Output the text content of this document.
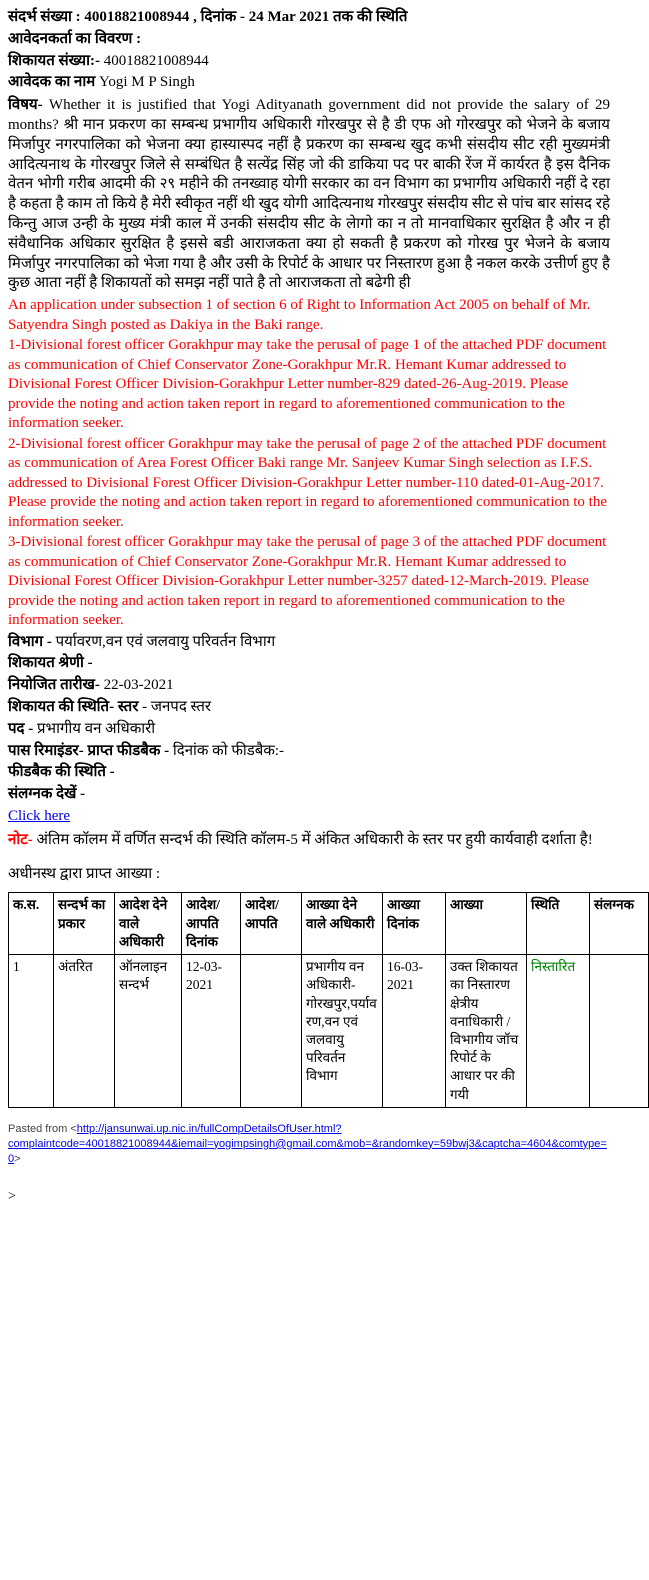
संदर्भ संख्या : 40018821008944 , दिनांक - 24 Mar 2021 तक की स्थिति
आवेदनकर्ता का विवरण :
शिकायत संख्या:- 40018821008944
आवेदक का नाम Yogi M P Singh
विषय- Whether it is justified that Yogi Adityanath government did not provide the salary of 29 months? श्री मान प्रकरण का सम्बन्ध प्रभागीय अधिकारी गोरखपुर से है डी एफ ओ गोरखपुर को भेजने के बजाय मिर्जापुर नगरपालिका को भेजना क्या हास्यास्पद नहीं है प्रकरण का सम्बन्ध खुद कभी संसदीय सीट रही मुख्यमंत्री आदित्यनाथ के गोरखपुर जिले से सम्बंधित है सत्येंद्र सिंह जो की डाकिया पद पर बाकी रेंज में कार्यरत है इस दैनिक वेतन भोगी गरीब आदमी की २९ महीने की तनख्वाह योगी सरकार का वन विभाग का प्रभागीय अधिकारी नहीं दे रहा है कहता है काम तो किये है मेरी स्वीकृत नहीं थी खुद योगी आदित्यनाथ गोरखपुर संसदीय सीट से पांच बार सांसद रहे किन्तु आज उन्ही के मुख्य मंत्री काल में उनकी संसदीय सीट के लेागो का न तो मानवाधिकार सुरक्षित है और न ही संवैधानिक अधिकार सुरक्षित है इससे बडी आराजकता क्या हो सकती है प्रकरण को गोरख पुर भेजने के बजाय मिर्जापुर नगरपालिका को भेजा गया है और उसी के रिपोर्ट के आधार पर निस्तारण हुआ है नकल करके उत्तीर्ण हुए है कुछ आता नहीं है शिकायतों को समझ नहीं पाते है तो आराजकता तो बढेगी ही
An application under subsection 1 of section 6 of Right to Information Act 2005 on behalf of Mr. Satyendra Singh posted as Dakiya in the Baki range.
1-Divisional forest officer Gorakhpur may take the perusal of page 1 of the attached PDF document as communication of Chief Conservator Zone-Gorakhpur Mr.R. Hemant Kumar addressed to Divisional Forest Officer Division-Gorakhpur Letter number-829 dated-26-Aug-2019. Please provide the noting and action taken report in regard to aforementioned communication to the information seeker.
2-Divisional forest officer Gorakhpur may take the perusal of page 2 of the attached PDF document as communication of Area Forest Officer Baki range Mr. Sanjeev Kumar Singh selection as I.F.S. addressed to Divisional Forest Officer Division-Gorakhpur Letter number-110 dated-01-Aug-2017. Please provide the noting and action taken report in regard to aforementioned communication to the information seeker.
3-Divisional forest officer Gorakhpur may take the perusal of page 3 of the attached PDF document as communication of Chief Conservator Zone-Gorakhpur Mr.R. Hemant Kumar addressed to Divisional Forest Officer Division-Gorakhpur Letter number-3257 dated-12-March-2019. Please provide the noting and action taken report in regard to aforementioned communication to the information seeker.
विभाग - पर्यावरण,वन एवं जलवायु परिवर्तन विभाग
शिकायत श्रेणी -
नियोजित तारीख- 22-03-2021
शिकायत की स्थिति- स्तर - जनपद स्तर
पद - प्रभागीय वन अधिकारी
पास रिमाइंडर- प्राप्त फीडबैक - दिनांक को फीडबैक:-
फीडबैक की स्थिति -
संलग्नक देखें -
Click here
नोट- अंतिम कॉलम में वर्णित सन्दर्भ की स्थिति कॉलम-5 में अंकित अधिकारी के स्तर पर हुयी कार्यवाही दर्शाता है!
अधीनस्थ द्वारा प्राप्त आख्या :
क.स.	सन्दर्भ का प्रकार	आदेश देने वाले अधिकारी	आदेश/ आपति दिनांक	आदेश/ आपति	आख्या देने वाले अधिकारी	आख्या दिनांक	आख्या	स्थिति	संलग्नक
1	अंतरित	ऑनलाइन सन्दर्भ	12-03-2021		प्रभागीय वन अधिकारी-गोरखपुर,पर्यावरण,वन एवं जलवायु परिवर्तन विभाग	16-03-2021	उक्त शिकायत का निस्तारण क्षेत्रीय वनाधिकारी / विभागीय जॉच रिपोर्ट के आधार पर की गयी	निस्तारित	
Pasted from <http://jansunwai.up.nic.in/fullCompDetailsOfUser.html?complaintcode=40018821008944&iemail=yogimpsingh@gmail.com&mob=&randomkey=59bwj3&captcha=4604&comtype=0>
>
